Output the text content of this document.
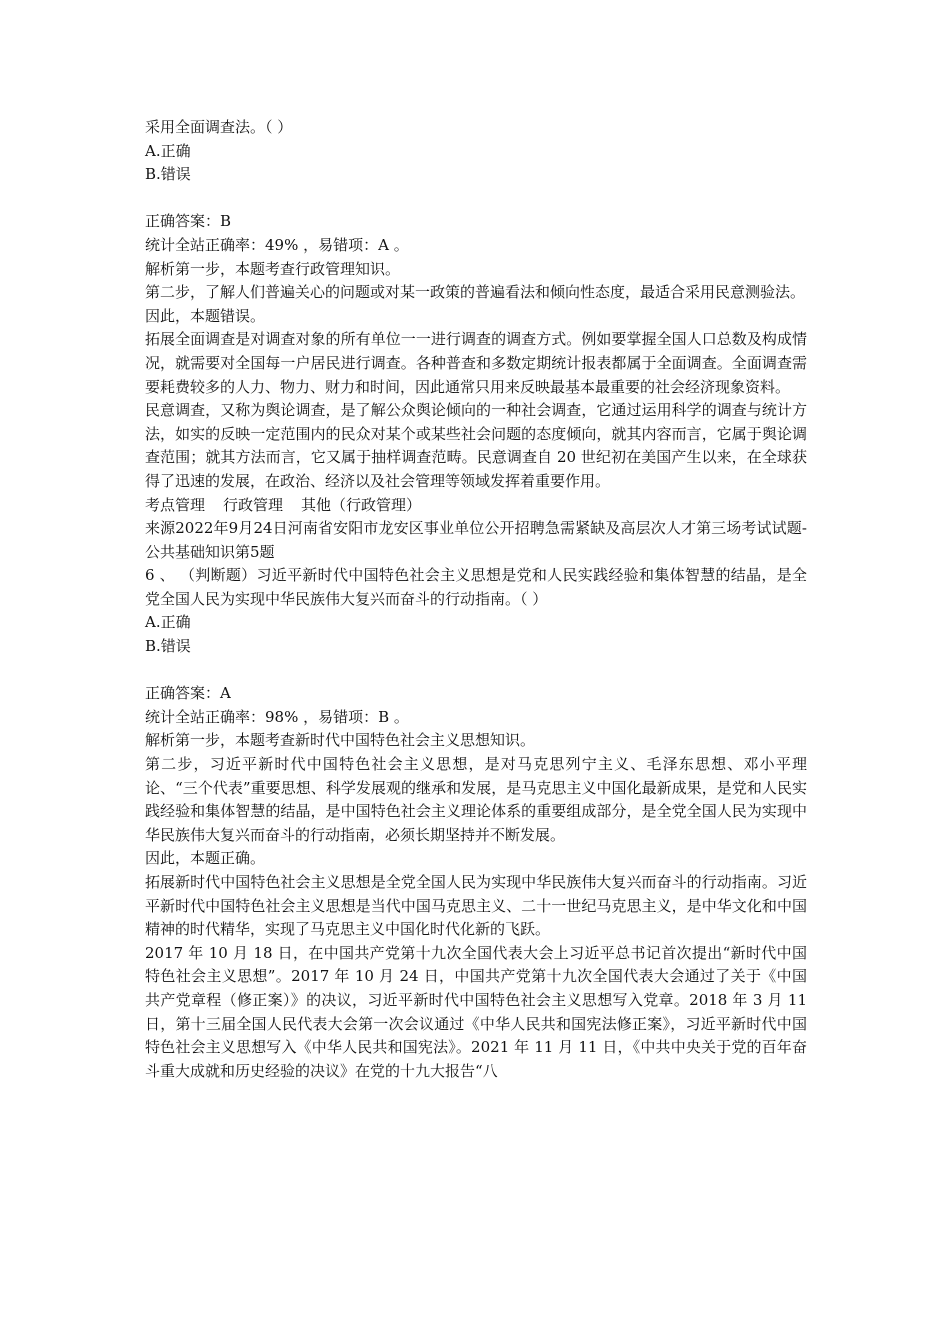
采用全面调查法。（ ）

A.正确

B.错误

正确答案：B

统计全站正确率：49% ，易错项：A 。

解析第一步，本题考查行政管理知识。

第二步，了解人们普遍关心的问题或对某一政策的普遍看法和倾向性态度，最适合采用民意测验法。

因此，本题错误。

拓展全面调查是对调查对象的所有单位一一进行调查的调查方式。例如要掌握全国人口总数及构成情况，就需要对全国每一户居民进行调查。各种普查和多数定期统计报表都属于全面调查。全面调查需要耗费较多的人力、物力、财力和时间，因此通常只用来反映最基本最重要的社会经济现象资料。

民意调查，又称为舆论调查，是了解公众舆论倾向的一种社会调查，它通过运用科学的调查与统计方法，如实的反映一定范围内的民众对某个或某些社会问题的态度倾向，就其内容而言，它属于舆论调查范围；就其方法而言，它又属于抽样调查范畴。民意调查自 20 世纪初在美国产生以来，在全球获得了迅速的发展，在政治、经济以及社会管理等领域发挥着重要作用。

考点管理 行政管理 其他（行政管理）

来源2022年9月24日河南省安阳市龙安区事业单位公开招聘急需紧缺及高层次人才第三场考试试题-公共基础知识第5题

6 、 （判断题）习近平新时代中国特色社会主义思想是党和人民实践经验和集体智慧的结晶，是全党全国人民为实现中华民族伟大复兴而奋斗的行动指南。（ ）

A.正确

B.错误

正确答案：A

统计全站正确率：98% ，易错项：B 。

解析第一步，本题考查新时代中国特色社会主义思想知识。

第二步，习近平新时代中国特色社会主义思想，是对马克思列宁主义、毛泽东思想、邓小平理论、“三个代表”重要思想、科学发展观的继承和发展，是马克思主义中国化最新成果，是党和人民实践经验和集体智慧的结晶，是中国特色社会主义理论体系的重要组成部分，是全党全国人民为实现中华民族伟大复兴而奋斗的行动指南，必须长期坚持并不断发展。

因此，本题正确。

拓展新时代中国特色社会主义思想是全党全国人民为实现中华民族伟大复兴而奋斗的行动指南。习近平新时代中国特色社会主义思想是当代中国马克思主义、二十一世纪马克思主义，是中华文化和中国精神的时代精华，实现了马克思主义中国化时代化新的飞跃。

2017 年 10 月 18 日，在中国共产党第十九次全国代表大会上习近平总书记首次提出“新时代中国特色社会主义思想”。2017 年 10 月 24 日，中国共产党第十九次全国代表大会通过了关于《中国共产党章程（修正案）》的决议，习近平新时代中国特色社会主义思想写入党章。2018 年 3 月 11 日，第十三届全国人民代表大会第一次会议通过《中华人民共和国宪法修正案》，习近平新时代中国特色社会主义思想写入《中华人民共和国宪法》。2021 年 11 月 11 日，《中共中央关于党的百年奋斗重大成就和历史经验的决议》在党的十九大报告“八
